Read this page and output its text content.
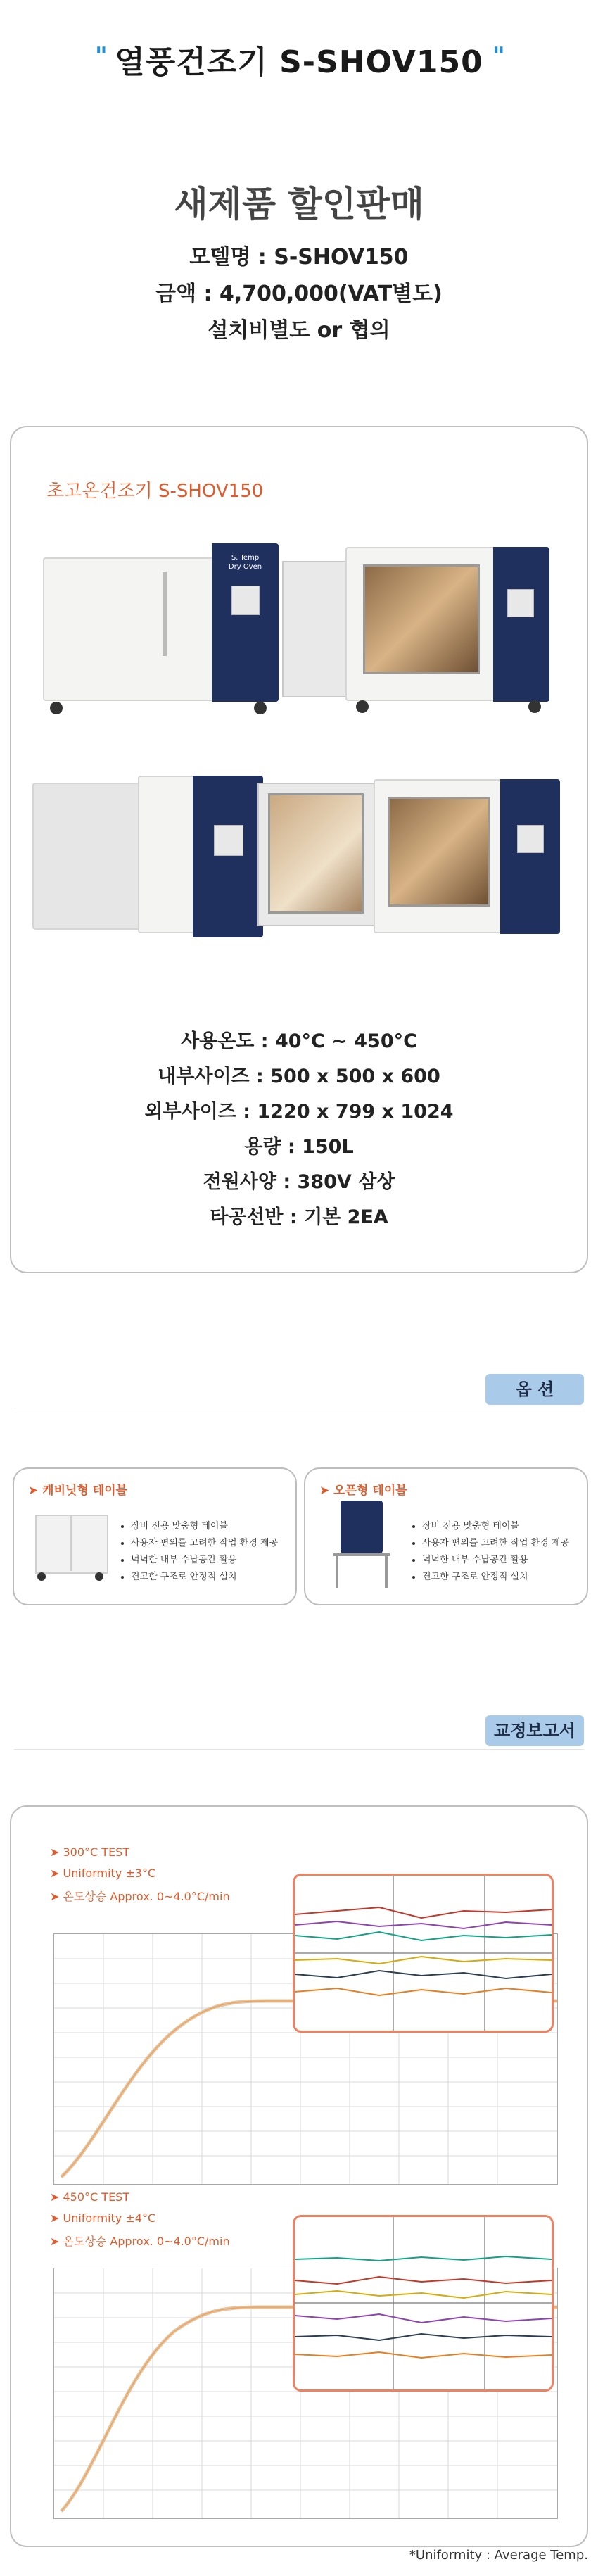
" 열풍건조기 S-SHOV150 "
새제품 할인판매
모델명 : S-SHOV150
금액 : 4,700,000(VAT별도)
설치비별도 or 협의
초고온건조기 S-SHOV150
S. Temp
Dry Oven
사용온도 : 40°C ~ 450°C
내부사이즈 : 500 x 500 x 600
외부사이즈 : 1220 x 799 x 1024
용량 : 150L
전원사양 : 380V 삼상
타공선반 : 기본 2EA
옵 션
➤ 캐비닛형 테이블
• 장비 전용 맞춤형 테이블
• 사용자 편의를 고려한 작업 환경 제공
• 넉넉한 내부 수납공간 활용
• 견고한 구조로 안정적 설치
➤ 오픈형 테이블
• 장비 전용 맞춤형 테이블
• 사용자 편의를 고려한 작업 환경 제공
• 넉넉한 내부 수납공간 활용
• 견고한 구조로 안정적 설치
교정보고서
➤ 300°C TEST
➤ Uniformity ±3°C
➤ 온도상승 Approx. 0~4.0°C/min
➤ 450°C TEST
➤ Uniformity ±4°C
➤ 온도상승 Approx. 0~4.0°C/min
*Uniformity : Average Temp.
